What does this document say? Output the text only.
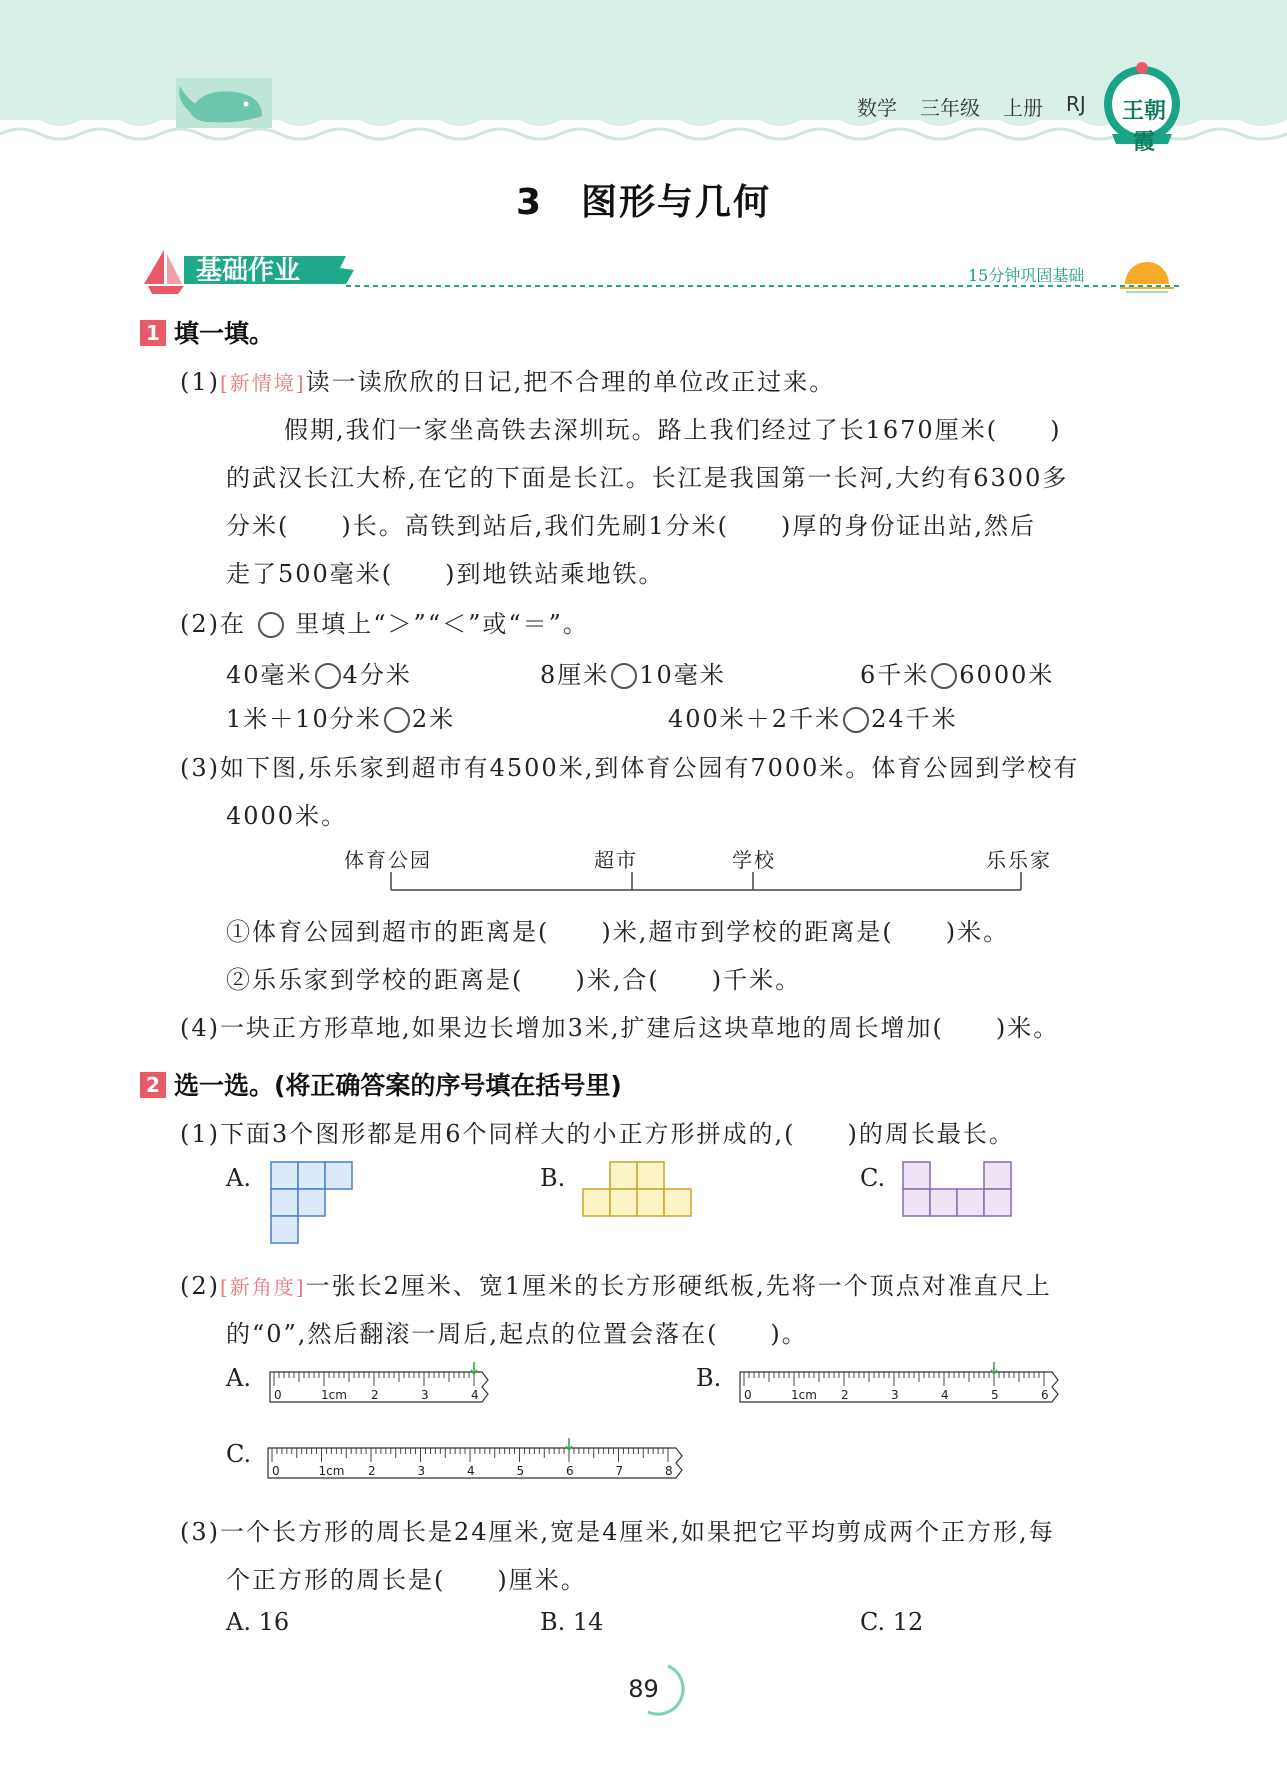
数学 三年级 上册 RJ 王朝霞
3　图形与几何
基础作业	15分钟巩固基础
1 填一填。
(1)[新情境]读一读欣欣的日记,把不合理的单位改正过来。
假期,我们一家坐高铁去深圳玩。路上我们经过了长1670厘米(　　)
的武汉长江大桥,在它的下面是长江。长江是我国第一长河,大约有6300多
分米(　　)长。高铁到站后,我们先刷1分米(　　)厚的身份证出站,然后
走了500毫米(　　)到地铁站乘地铁。
(2)在 里填上“＞”“＜”或“＝”。
40毫米 4分米	8厘米 10毫米	6千米 6000米
1米＋10分米 2米	400米＋2千米 24千米
(3)如下图,乐乐家到超市有4500米,到体育公园有7000米。体育公园到学校有
4000米。
体育公园	超市	学校	乐乐家
①体育公园到超市的距离是(　　)米,超市到学校的距离是(　　)米。
②乐乐家到学校的距离是(　　)米,合(　　)千米。
(4)一块正方形草地,如果边长增加3米,扩建后这块草地的周长增加(　　)米。
2 选一选。(将正确答案的序号填在括号里)
(1)下面3个图形都是用6个同样大的小正方形拼成的,(　　)的周长最长。
A.	B.	C.
(2)[新角度]一张长2厘米、宽1厘米的长方形硬纸板,先将一个顶点对准直尺上
的“0”,然后翻滚一周后,起点的位置会落在(　　)。
A.
0	1cm 2	3	4
B.
0	1cm 2	3	4	5	6
C.
0	1cm 2	3	4	5	6	7	8
(3)一个长方形的周长是24厘米,宽是4厘米,如果把它平均剪成两个正方形,每
个正方形的周长是(　　)厘米。
A. 16	B. 14	C. 12
89
